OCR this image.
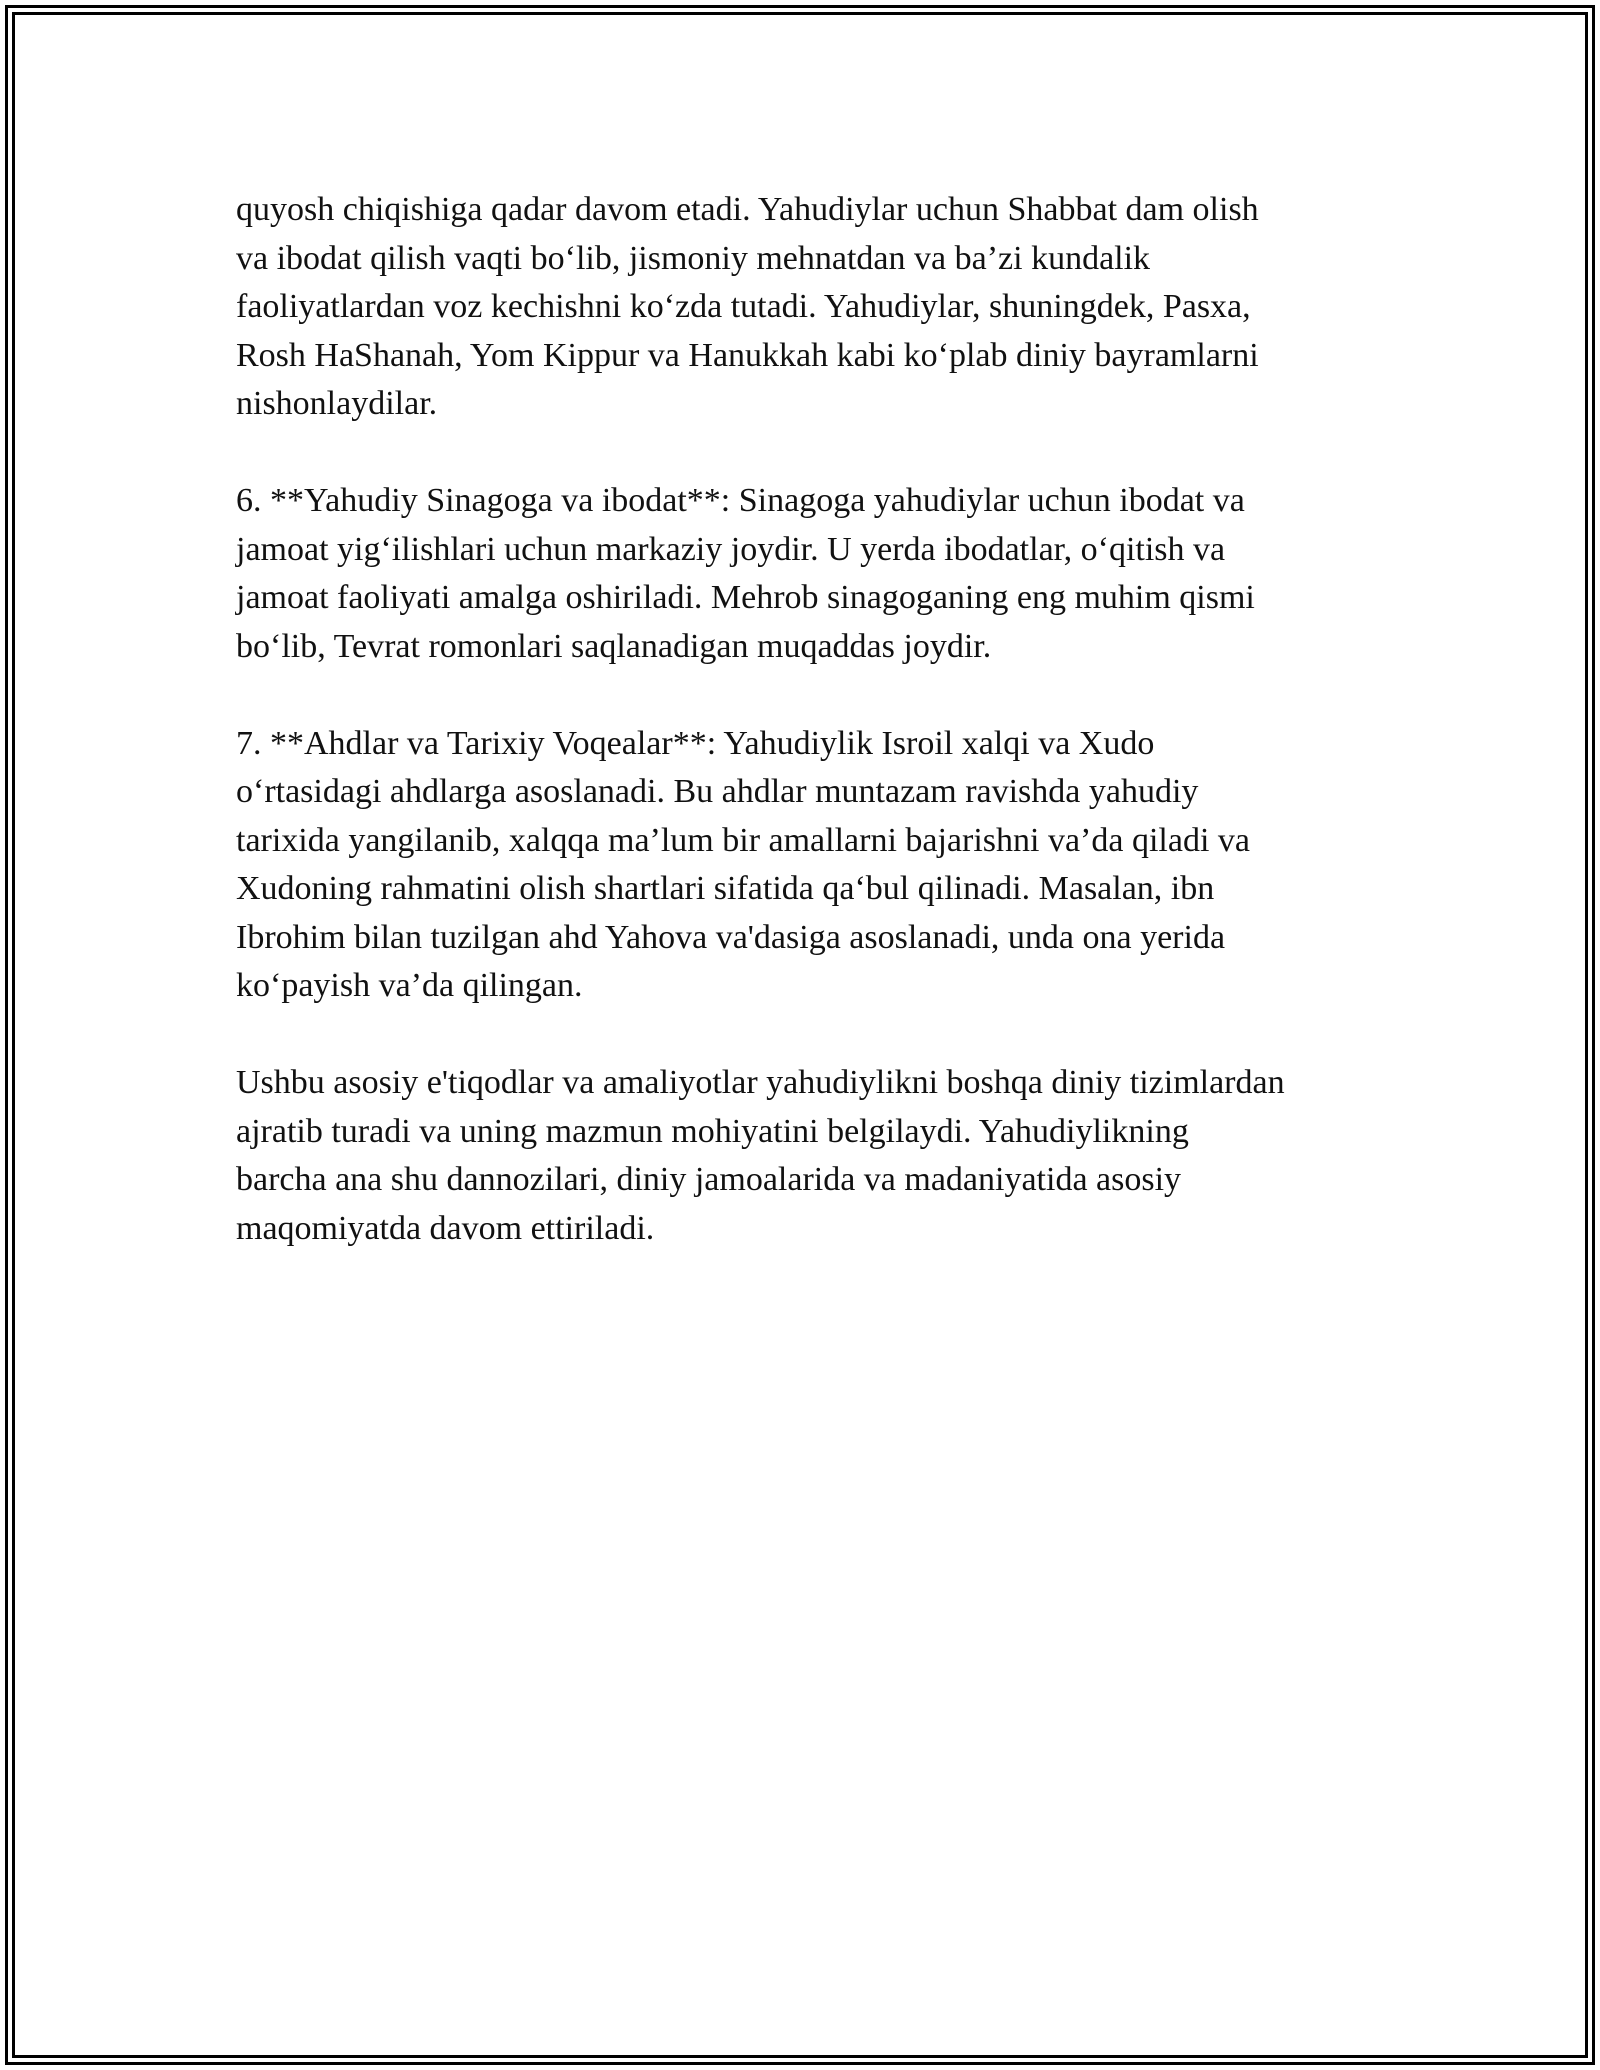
quyosh chiqishiga qadar davom etadi. Yahudiylar uchun Shabbat dam olish
va ibodat qilish vaqti bo‘lib, jismoniy mehnatdan va ba’zi kundalik
faoliyatlardan voz kechishni ko‘zda tutadi. Yahudiylar, shuningdek, Pasxa,
Rosh HaShanah, Yom Kippur va Hanukkah kabi ko‘plab diniy bayramlarni
nishonlaydilar.

6. **Yahudiy Sinagoga va ibodat**: Sinagoga yahudiylar uchun ibodat va
jamoat yig‘ilishlari uchun markaziy joydir. U yerda ibodatlar, o‘qitish va
jamoat faoliyati amalga oshiriladi. Mehrob sinagoganing eng muhim qismi
bo‘lib, Tevrat romonlari saqlanadigan muqaddas joydir.

7. **Ahdlar va Tarixiy Voqealar**: Yahudiylik Isroil xalqi va Xudo
o‘rtasidagi ahdlarga asoslanadi. Bu ahdlar muntazam ravishda yahudiy
tarixida yangilanib, xalqqa ma’lum bir amallarni bajarishni va’da qiladi va
Xudoning rahmatini olish shartlari sifatida qa‘bul qilinadi. Masalan, ibn
Ibrohim bilan tuzilgan ahd Yahova va'dasiga asoslanadi, unda ona yerida
ko‘payish va’da qilingan.

Ushbu asosiy e'tiqodlar va amaliyotlar yahudiylikni boshqa diniy tizimlardan
ajratib turadi va uning mazmun mohiyatini belgilaydi. Yahudiylikning
barcha ana shu dannozilari, diniy jamoalarida va madaniyatida asosiy
maqomiyatda davom ettiriladi.
